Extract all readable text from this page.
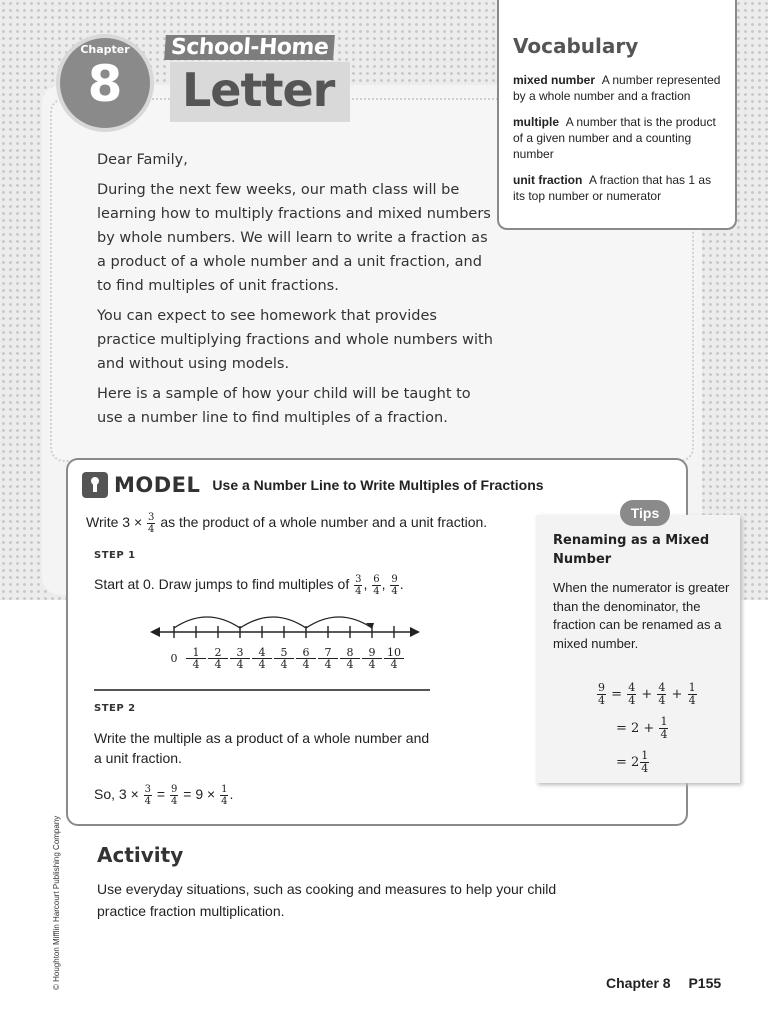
Chapter
8
School-Home
Letter
Vocabulary
mixed number A number represented by a whole number and a fraction
multiple A number that is the product of a given number and a counting number
unit fraction A fraction that has 1 as its top number or numerator

Dear Family,

During the next few weeks, our math class will be learning how to multiply fractions and mixed numbers by whole numbers. We will learn to write a fraction as a product of a whole number and a unit fraction, and to find multiples of unit fractions.

You can expect to see homework that provides practice multiplying fractions and whole numbers with and without using models.

Here is a sample of how your child will be taught to use a number line to find multiples of a fraction.

MODEL Use a Number Line to Write Multiples of Fractions
Write $3 \times \frac{3}{4}$ as the product of a whole number and a unit fraction.
STEP 1
Start at 0. Draw jumps to find multiples of $\frac{3}{4}$ , $\frac{6}{4}$ , $\frac{9}{4}$ .
0	1
4
2
4
3
4
4
4
5
4
6
4
7
4
8
4
9
4
10
4
STEP 2
Write the multiple as a product of a whole number and a unit fraction.
So, $3 \times \frac{3}{4} = \frac{9}{4} = 9 \times \frac{1}{4}$ .
Tips
Renaming as a Mixed Number
When the numerator is greater than the denominator, the fraction can be renamed as a mixed number.
$\frac{9}{4}$
=
$\frac{4}{4}$
+
$\frac{4}{4}$
+
$\frac{1}{4}$
= 2 +
$\frac{1}{4}$
= $2 \frac{1}{4}$
Activity
Use everyday situations, such as cooking and measures to help your child practice fraction multiplication.
© Houghton Mifflin Harcourt Publishing Company	Chapter 8 P155
